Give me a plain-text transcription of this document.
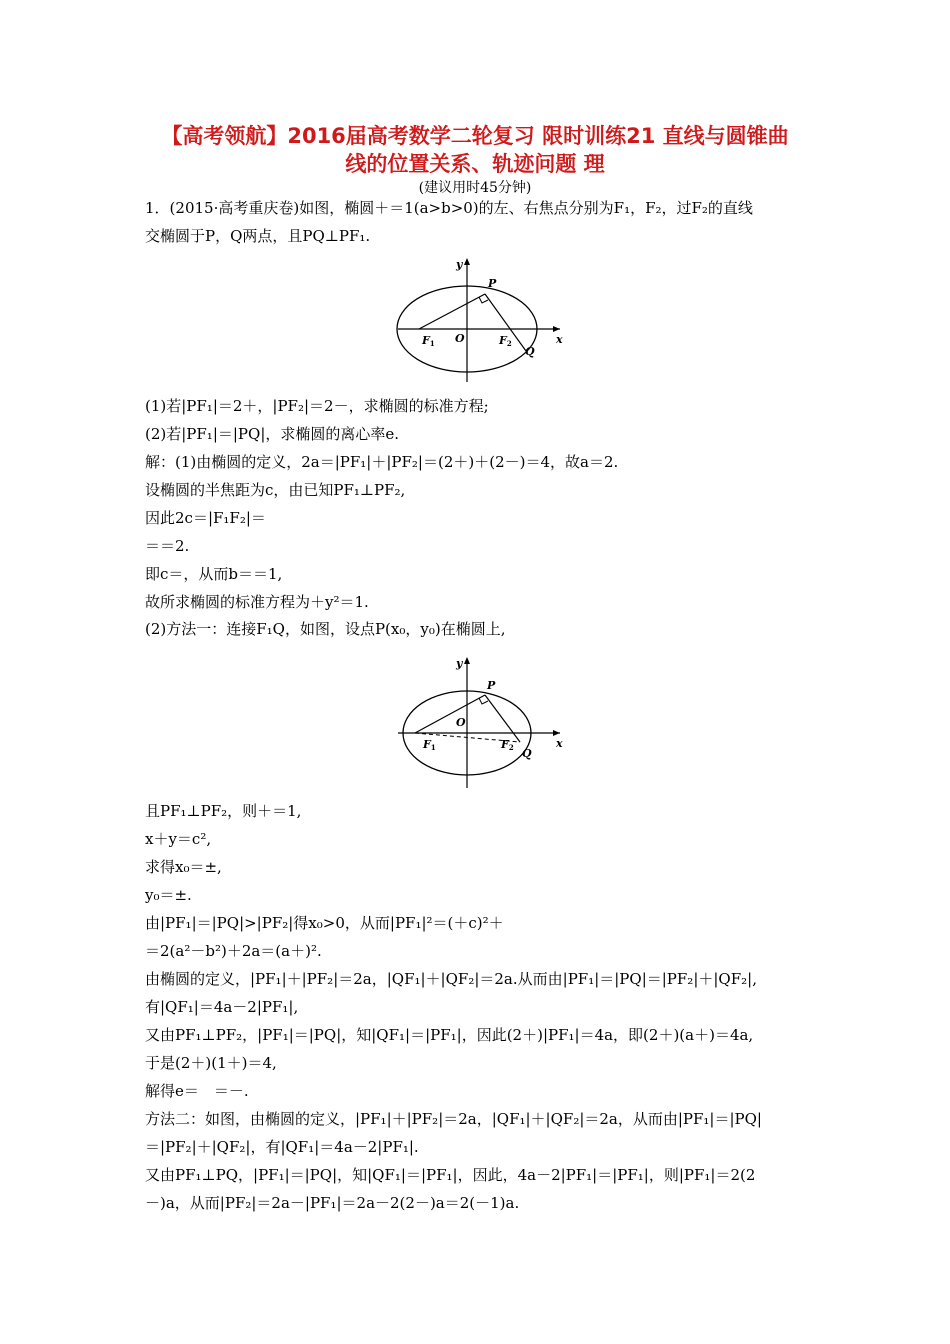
【高考领航】2016届高考数学二轮复习 限时训练21 直线与圆锥曲
线的位置关系、轨迹问题 理
(建议用时45分钟)
1．(2015·高考重庆卷)如图，椭圆＋＝1(a>b>0)的左、右焦点分别为F₁，F₂，过F₂的直线
交椭圆于P，Q两点，且PQ⊥PF₁.
y
x
P
O
F1	F2
Q
(1)若|PF₁|＝2＋，|PF₂|＝2－，求椭圆的标准方程;
(2)若|PF₁|＝|PQ|，求椭圆的离心率e.
解：(1)由椭圆的定义，2a＝|PF₁|＋|PF₂|＝(2＋)＋(2－)＝4，故a＝2.
设椭圆的半焦距为c，由已知PF₁⊥PF₂,
因此2c＝|F₁F₂|＝
＝＝2.
即c＝，从而b＝＝1,
故所求椭圆的标准方程为＋y²＝1.
(2)方法一：连接F₁Q，如图，设点P(x₀，y₀)在椭圆上,
y
x
P
O
F1	F2 Q
且PF₁⊥PF₂，则＋＝1,
x＋y＝c²,
求得x₀＝±,
y₀＝±.
由|PF₁|＝|PQ|>|PF₂|得x₀>0，从而|PF₁|²＝(＋c)²＋
＝2(a²－b²)＋2a＝(a＋)².
由椭圆的定义，|PF₁|＋|PF₂|＝2a，|QF₁|＋|QF₂|＝2a.从而由|PF₁|＝|PQ|＝|PF₂|＋|QF₂|,
有|QF₁|＝4a－2|PF₁|,
又由PF₁⊥PF₂，|PF₁|＝|PQ|，知|QF₁|＝|PF₁|，因此(2＋)|PF₁|＝4a，即(2＋)(a＋)＝4a,
于是(2＋)(1＋)＝4,
解得e＝　＝－.
方法二：如图，由椭圆的定义，|PF₁|＋|PF₂|＝2a，|QF₁|＋|QF₂|＝2a，从而由|PF₁|＝|PQ|
＝|PF₂|＋|QF₂|，有|QF₁|＝4a－2|PF₁|.
又由PF₁⊥PQ，|PF₁|＝|PQ|，知|QF₁|＝|PF₁|，因此，4a－2|PF₁|＝|PF₁|，则|PF₁|＝2(2
－)a，从而|PF₂|＝2a－|PF₁|＝2a－2(2－)a＝2(－1)a.
